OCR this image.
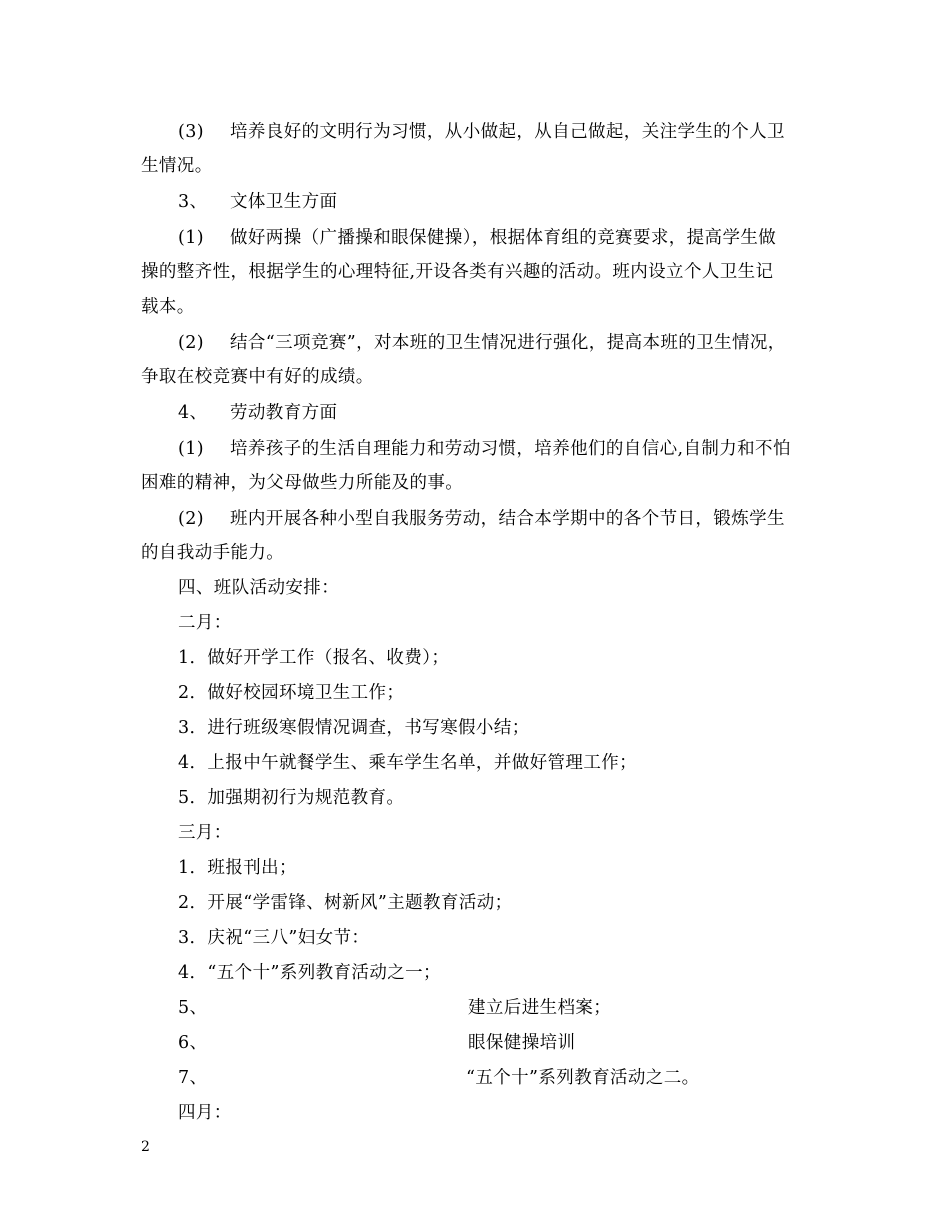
(3) 培养良好的文明行为习惯，从小做起，从自己做起，关注学生的个人卫
生情况。
3、 文体卫生方面
(1) 做好两操（广播操和眼保健操），根据体育组的竞赛要求，提高学生做
操的整齐性，根据学生的心理特征,开设各类有兴趣的活动。班内设立个人卫生记
载本。
(2) 结合“三项竞赛”，对本班的卫生情况进行强化，提高本班的卫生情况，
争取在校竞赛中有好的成绩。
4、 劳动教育方面
(1) 培养孩子的生活自理能力和劳动习惯，培养他们的自信心,自制力和不怕
困难的精神，为父母做些力所能及的事。
(2) 班内开展各种小型自我服务劳动，结合本学期中的各个节日，锻炼学生
的自我动手能力。
四、班队活动安排：
二月：
1．做好开学工作（报名、收费）；
2．做好校园环境卫生工作；
3．进行班级寒假情况调查，书写寒假小结；
4．上报中午就餐学生、乘车学生名单，并做好管理工作；
5．加强期初行为规范教育。
三月：
1．班报刊出；
2．开展“学雷锋、树新风”主题教育活动；
3．庆祝“三八”妇女节：
4．“五个十”系列教育活动之一；
5、	建立后进生档案；
6、	眼保健操培训
7、	“五个十”系列教育活动之二。
四月：
2
